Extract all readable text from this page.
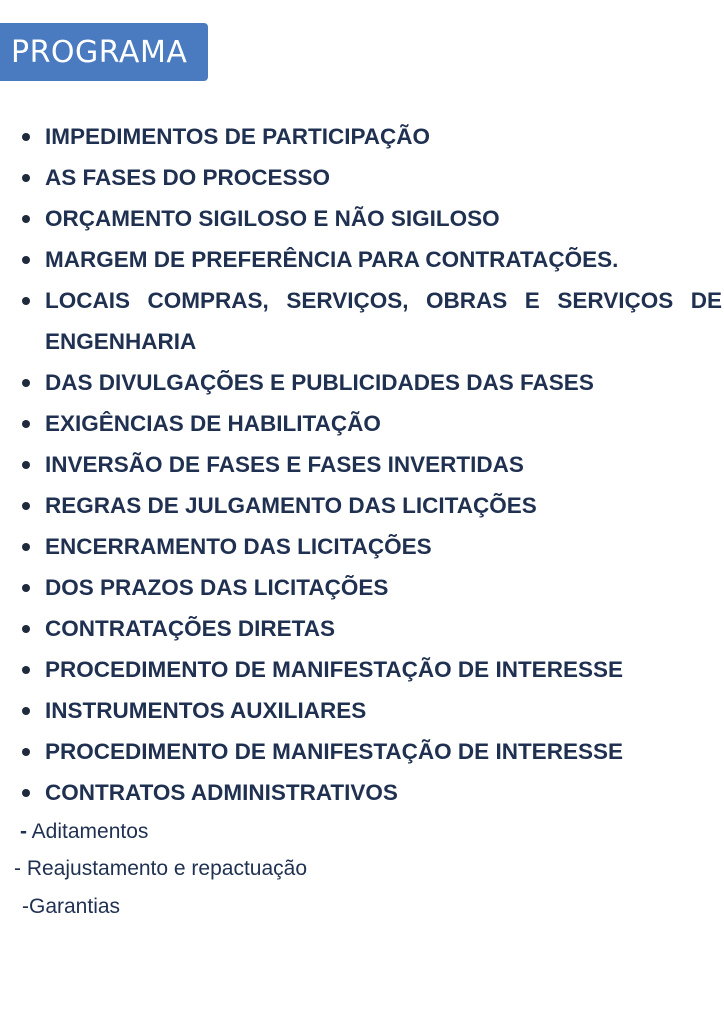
PROGRAMA
IMPEDIMENTOS DE PARTICIPAÇÃO
AS FASES DO PROCESSO
ORÇAMENTO SIGILOSO E NÃO SIGILOSO
MARGEM DE PREFERÊNCIA PARA CONTRATAÇÕES.
LOCAIS COMPRAS, SERVIÇOS, OBRAS E SERVIÇOS DE ENGENHARIA
DAS DIVULGAÇÕES E PUBLICIDADES DAS FASES
EXIGÊNCIAS DE HABILITAÇÃO
INVERSÃO DE FASES E FASES INVERTIDAS
REGRAS DE JULGAMENTO DAS LICITAÇÕES
ENCERRAMENTO DAS LICITAÇÕES
DOS PRAZOS DAS LICITAÇÕES
CONTRATAÇÕES DIRETAS
PROCEDIMENTO DE MANIFESTAÇÃO DE INTERESSE
INSTRUMENTOS AUXILIARES
PROCEDIMENTO DE MANIFESTAÇÃO DE INTERESSE
CONTRATOS ADMINISTRATIVOS
- Aditamentos
- Reajustamento e repactuação
-Garantias
